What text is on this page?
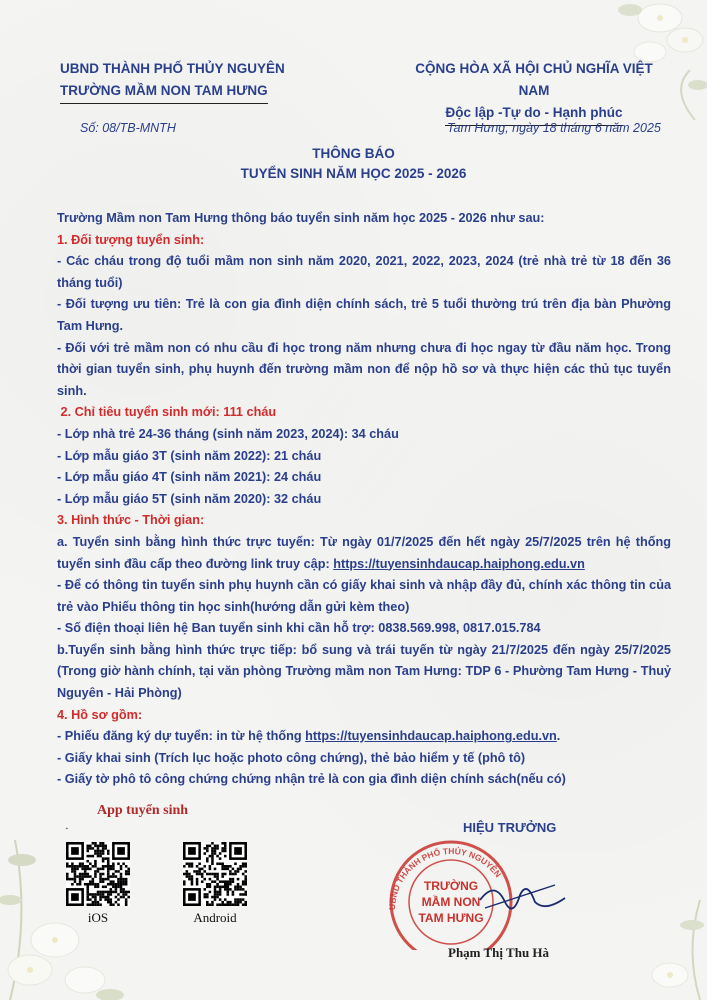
UBND THÀNH PHỐ THỦY NGUYÊN
TRƯỜNG MẦM NON TAM HƯNG
CỘNG HÒA XÃ HỘI CHỦ NGHĨA VIỆT NAM
Độc lập -Tự do - Hạnh phúc
Số: 08/TB-MNTH	Tam Hưng, ngày 18 tháng 6 năm 2025
THÔNG BÁO
TUYỂN SINH NĂM HỌC 2025 - 2026

Trường Mầm non Tam Hưng thông báo tuyển sinh năm học 2025 - 2026 như sau:

1. Đối tượng tuyển sinh:

- Các cháu trong độ tuổi mầm non sinh năm 2020, 2021, 2022, 2023, 2024 (trẻ nhà trẻ từ 18 đến 36 tháng tuổi)

- Đối tượng ưu tiên: Trẻ là con gia đình diện chính sách, trẻ 5 tuổi thường trú trên địa bàn Phường Tam Hưng.

- Đối với trẻ mầm non có nhu cầu đi học trong năm nhưng chưa đi học ngay từ đầu năm học. Trong thời gian tuyển sinh, phụ huynh đến trường mầm non để nộp hồ sơ và thực hiện các thủ tục tuyển sinh.

2. Chỉ tiêu tuyển sinh mới: 111 cháu

- Lớp nhà trẻ 24-36 tháng (sinh năm 2023, 2024): 34 cháu

- Lớp mẫu giáo 3T (sinh năm 2022): 21 cháu

- Lớp mẫu giáo 4T (sinh năm 2021): 24 cháu

- Lớp mẫu giáo 5T (sinh năm 2020): 32 cháu

3. Hình thức - Thời gian:

a. Tuyển sinh bằng hình thức trực tuyến: Từ ngày 01/7/2025 đến hết ngày 25/7/2025 trên hệ thống tuyển sinh đầu cấp theo đường link truy cập: https://tuyensinhdaucap.haiphong.edu.vn

- Để có thông tin tuyển sinh phụ huynh cần có giấy khai sinh và nhập đầy đủ, chính xác thông tin của trẻ vào Phiếu thông tin học sinh(hướng dẫn gửi kèm theo)

- Số điện thoại liên hệ Ban tuyển sinh khi cần hỗ trợ: 0838.569.998, 0817.015.784

b.Tuyển sinh bằng hình thức trực tiếp: bổ sung và trái tuyến từ ngày 21/7/2025 đến ngày 25/7/2025 (Trong giờ hành chính, tại văn phòng Trường mầm non Tam Hưng: TDP 6 - Phường Tam Hưng - Thuỷ Nguyên - Hải Phòng)

4. Hồ sơ gồm:

- Phiếu đăng ký dự tuyển: in từ hệ thống https://tuyensinhdaucap.haiphong.edu.vn.

- Giấy khai sinh (Trích lục hoặc photo công chứng), thẻ bảo hiểm y tế (phô tô)

- Giấy tờ phô tô công chứng chứng nhận trẻ là con gia đình diện chính sách(nếu có)

App tuyển sinh
▪
iOS	Android
HIỆU TRƯỞNG
UBND THÀNH PHỐ THỦY NGUYÊN
TRƯỜNG
MẦM NON
TAM HƯNG
Phạm Thị Thu Hà
